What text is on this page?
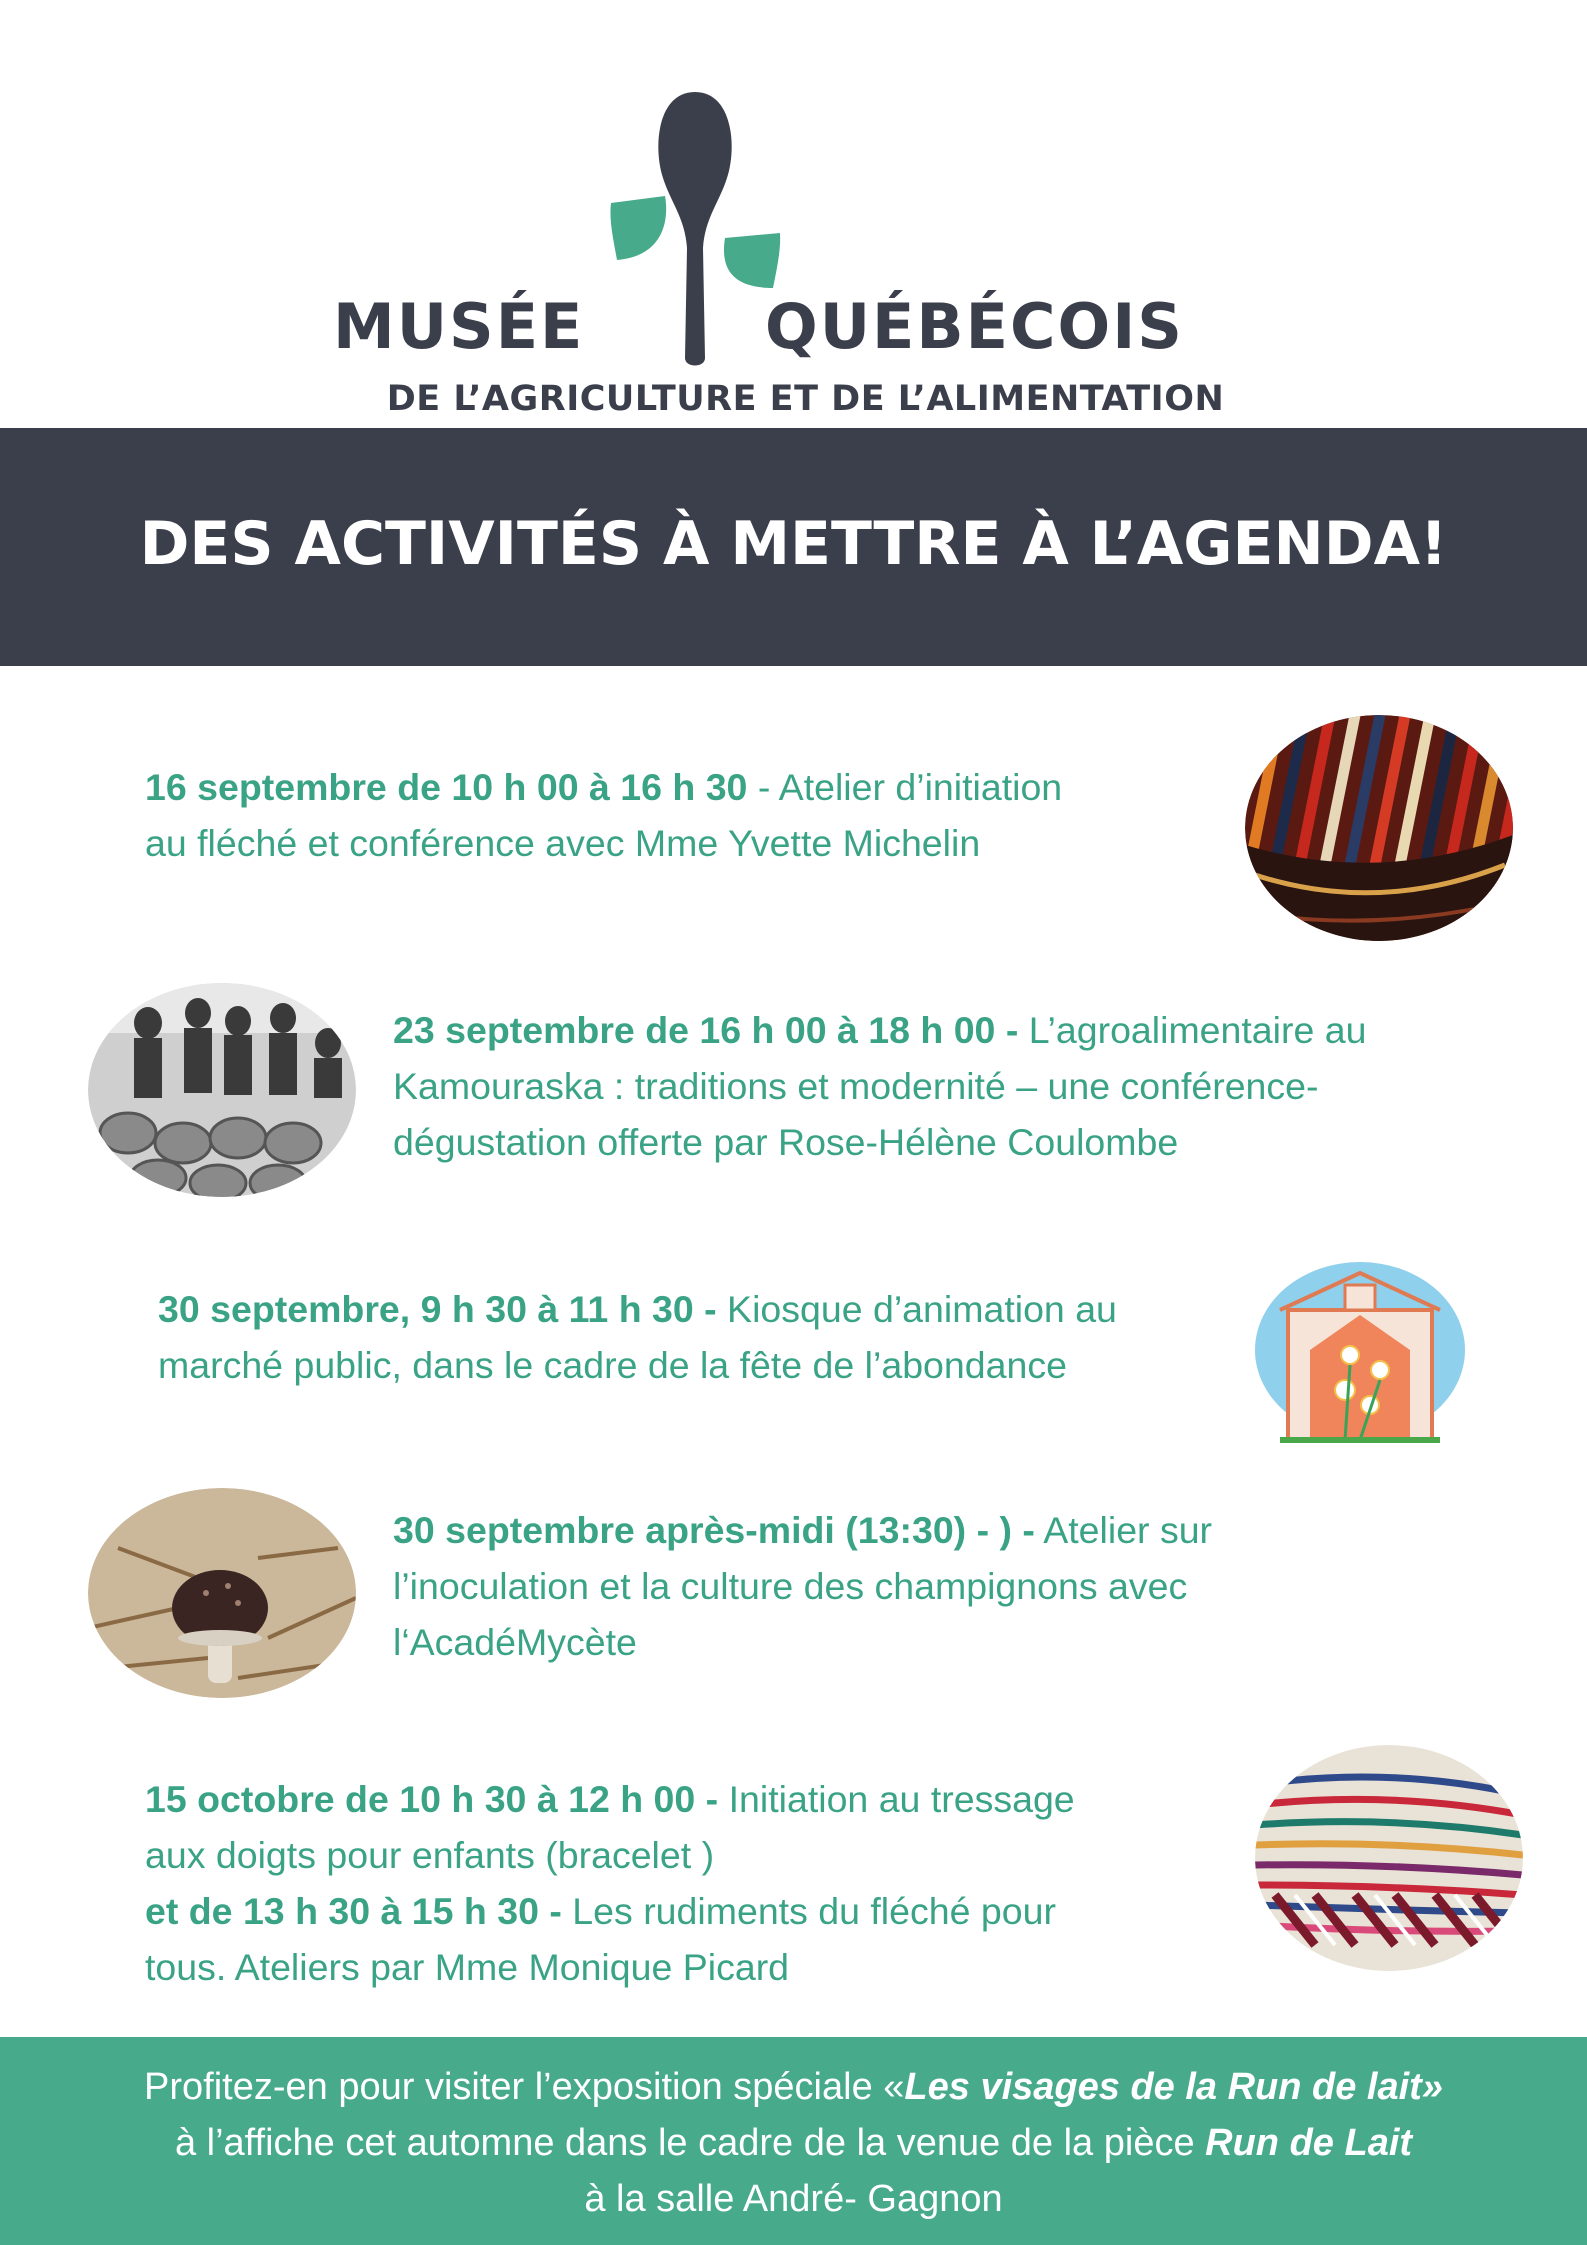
MUSÉE	QUÉBÉCOIS
DE L’AGRICULTURE ET DE L’ALIMENTATION
DES ACTIVITÉS À METTRE À L’AGENDA!
16 septembre de 10 h 00 à 16 h 30 - Atelier d’initiation
au fléché et conférence avec Mme Yvette Michelin
23 septembre de 16 h 00 à 18 h 00 - L’agroalimentaire au
Kamouraska : traditions et modernité – une conférence-
dégustation offerte par Rose-Hélène Coulombe
30 septembre, 9 h 30 à 11 h 30 - Kiosque d’animation au
marché public, dans le cadre de la fête de l’abondance
30 septembre après-midi (13:30) - ) - Atelier sur
l’inoculation et la culture des champignons avec
l‘AcadéMycète
15 octobre de 10 h 30 à 12 h 00 - Initiation au tressage
aux doigts pour enfants (bracelet )
et de 13 h 30 à 15 h 30 - Les rudiments du fléché pour
tous. Ateliers par Mme Monique Picard
Profitez-en pour visiter l’exposition spéciale «Les visages de la Run de lait»
à l’affiche cet automne dans le cadre de la venue de la pièce Run de Lait
à la salle André- Gagnon
